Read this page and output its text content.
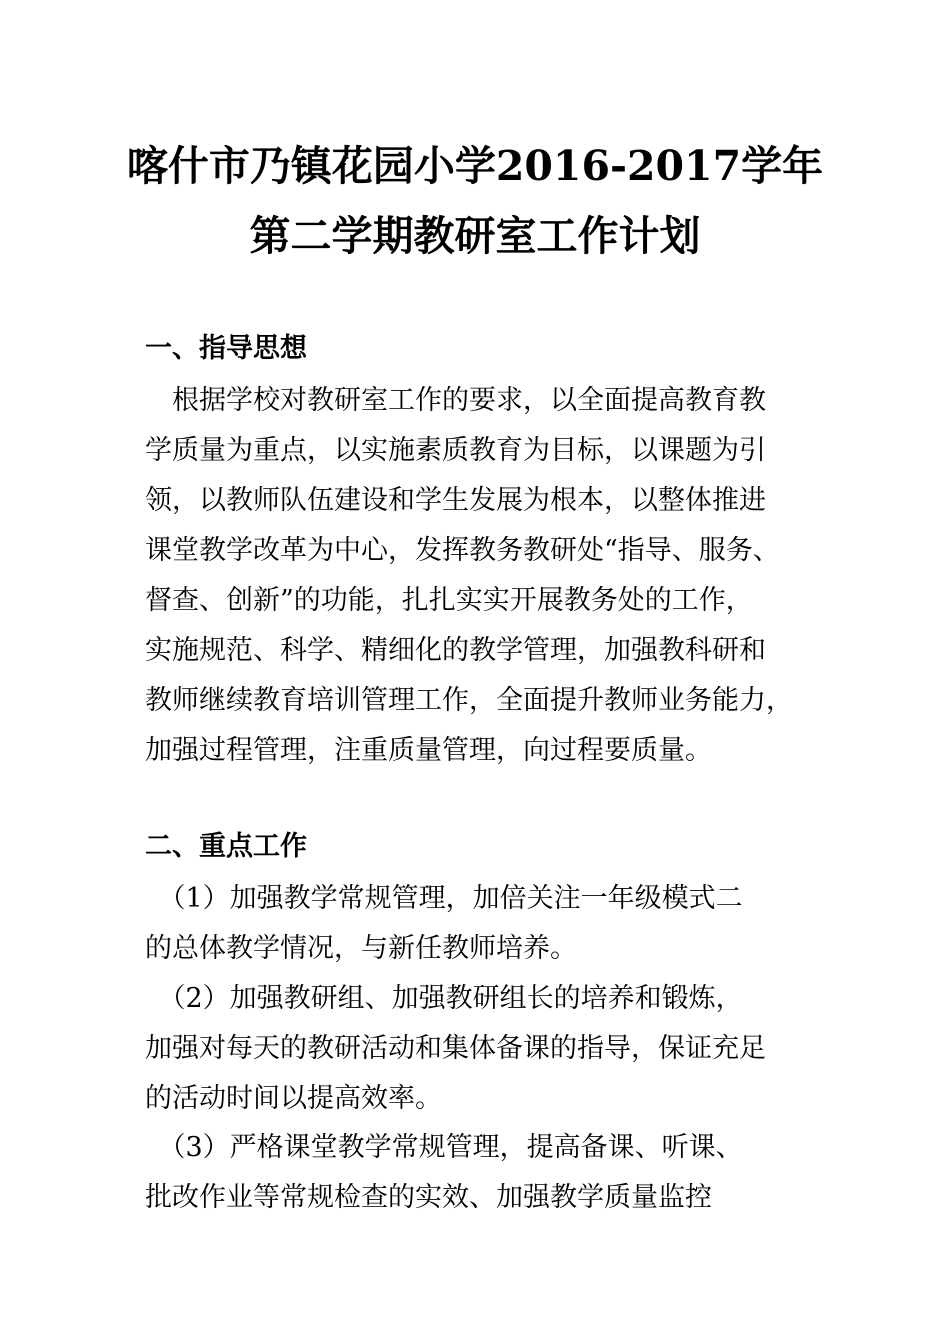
喀什市乃镇花园小学2016-2017学年
第二学期教研室工作计划
一、指导思想

　根据学校对教研室工作的要求，以全面提高教育教
学质量为重点，以实施素质教育为目标，以课题为引
领，以教师队伍建设和学生发展为根本，以整体推进
课堂教学改革为中心，发挥教务教研处“指导、服务、
督查、创新”的功能，扎扎实实开展教务处的工作，
实施规范、科学、精细化的教学管理，加强教科研和
教师继续教育培训管理工作，全面提升教师业务能力，
加强过程管理，注重质量管理，向过程要质量。

二、重点工作

　（1）加强教学常规管理，加倍关注一年级模式二
的总体教学情况，与新任教师培养。

　（2）加强教研组、加强教研组长的培养和锻炼，
加强对每天的教研活动和集体备课的指导，保证充足
的活动时间以提高效率。

　（3）严格课堂教学常规管理，提高备课、听课、
批改作业等常规检查的实效、加强教学质量监控
